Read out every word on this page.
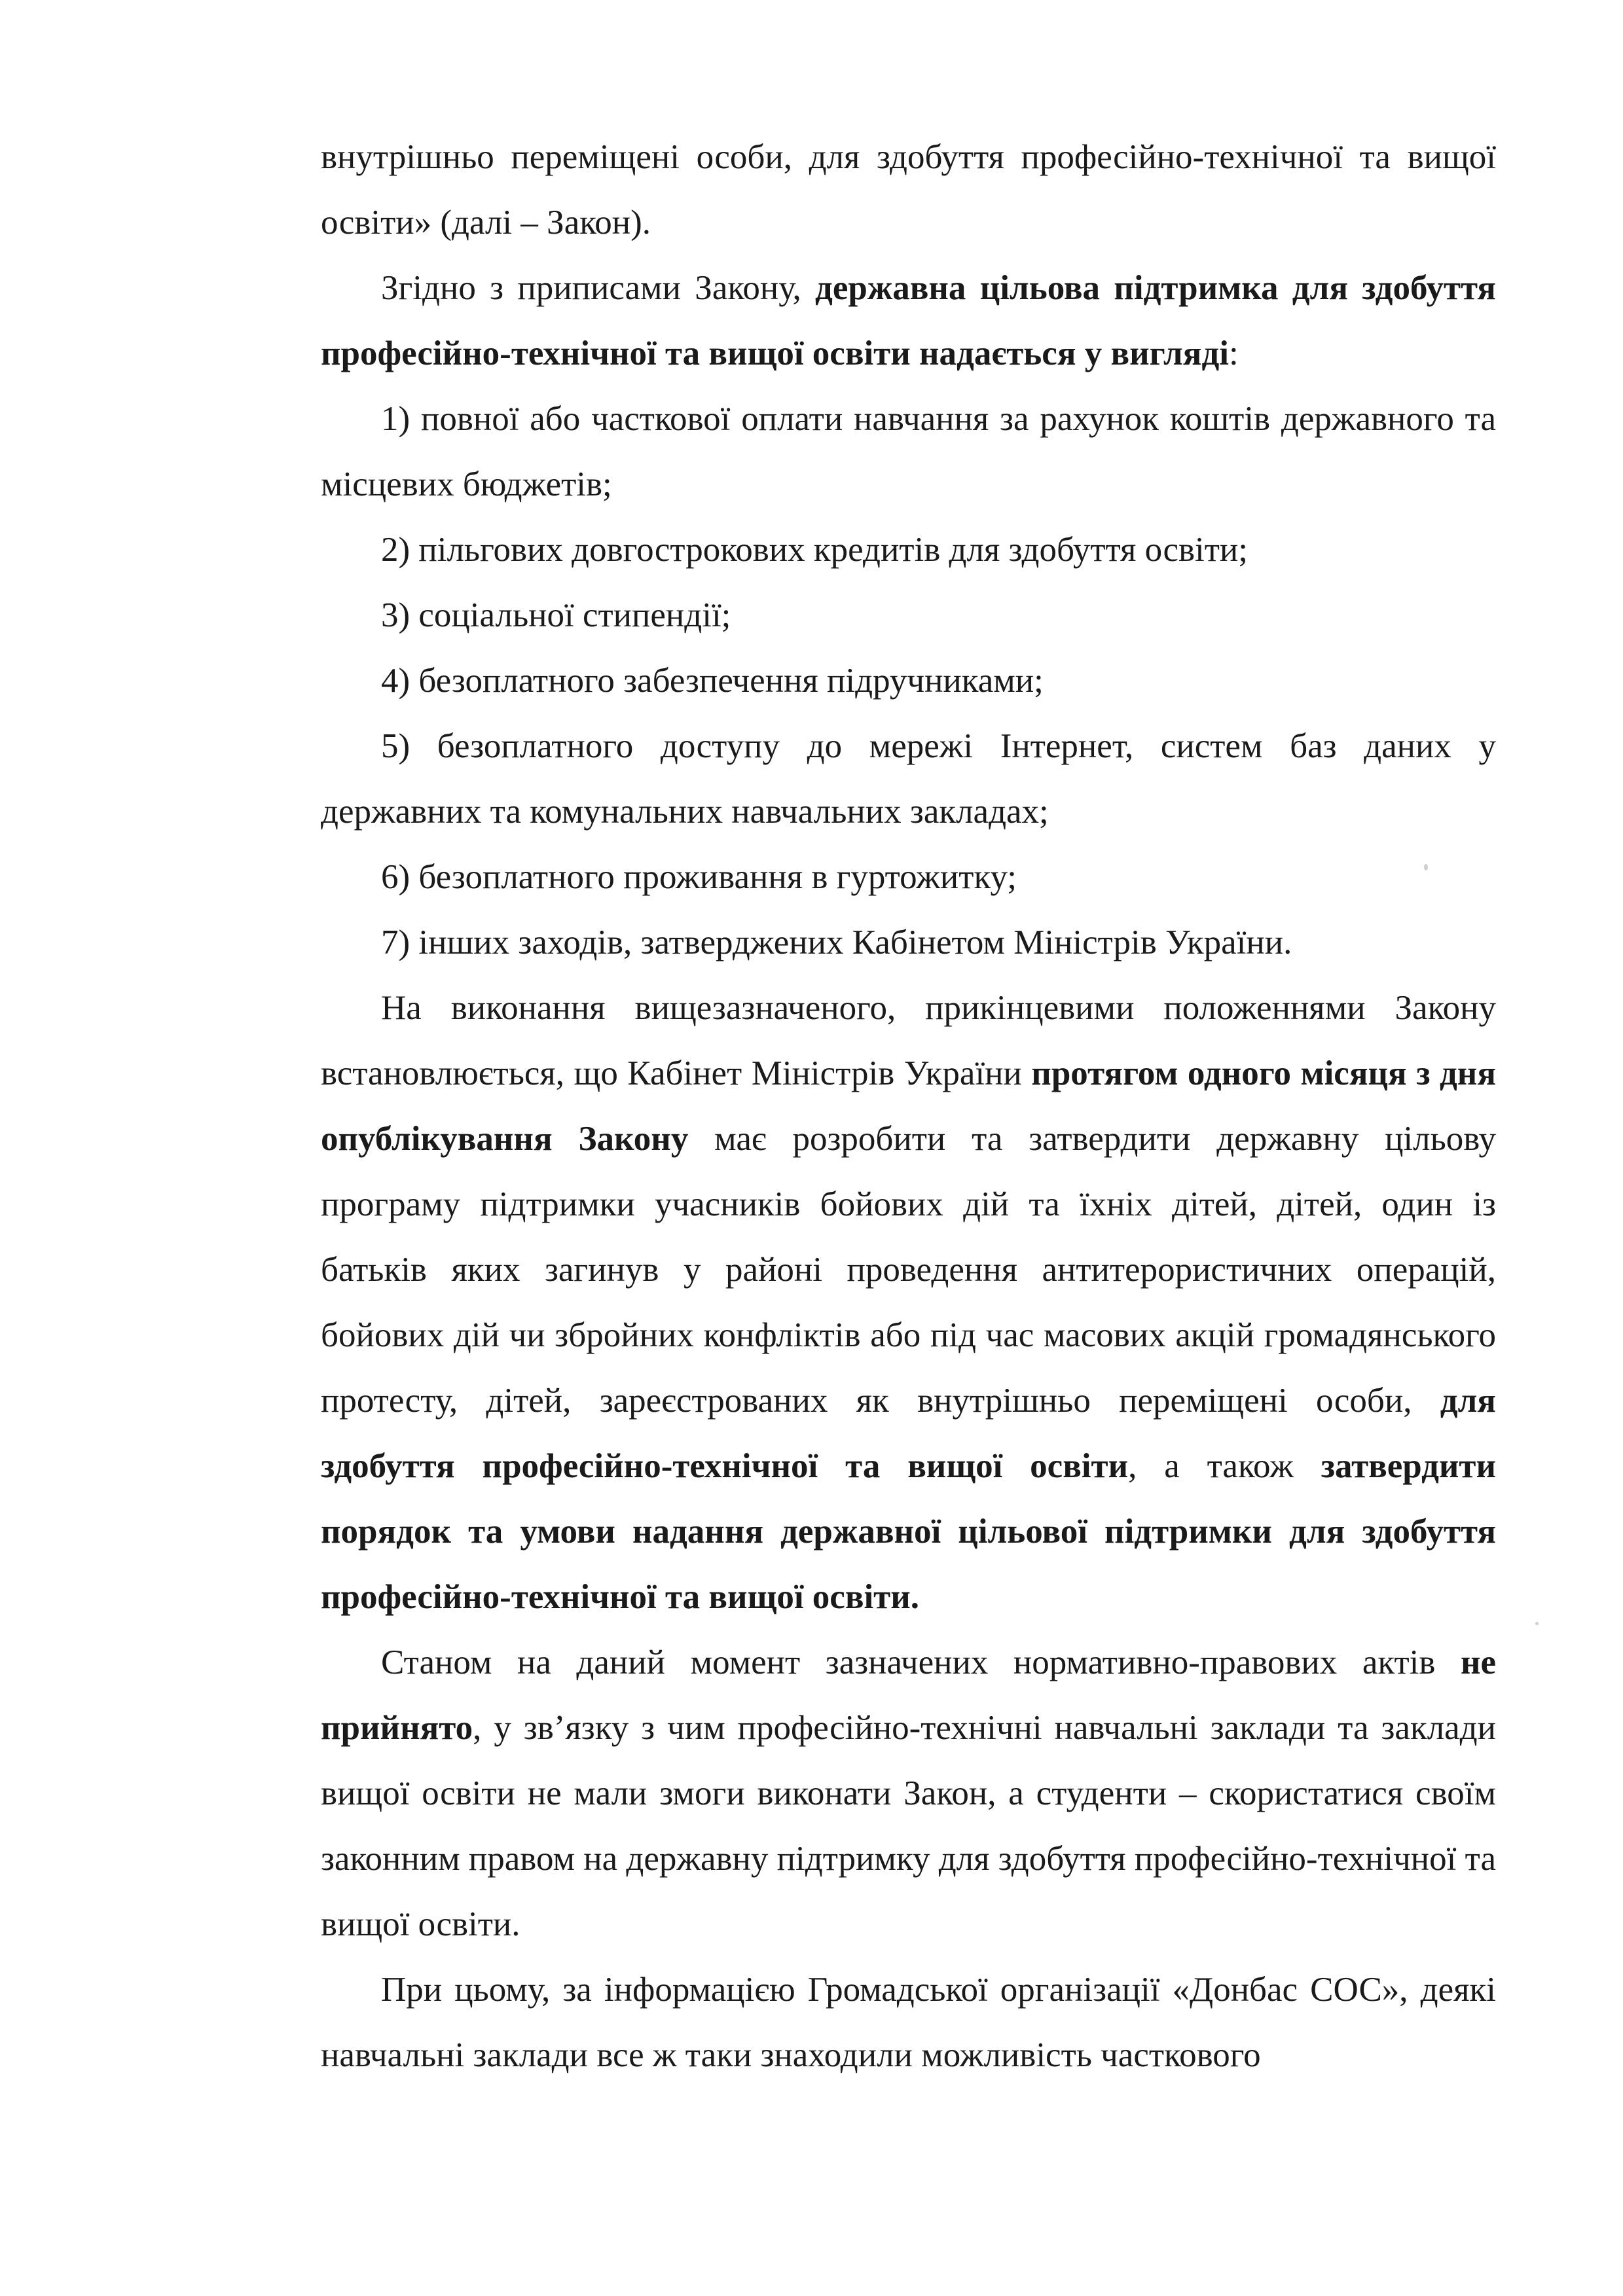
внутрішньо переміщені особи, для здобуття професійно-технічної та вищої освіти» (далі – Закон).

Згідно з приписами Закону, державна цільова підтримка для здобуття професійно-технічної та вищої освіти надається у вигляді:

1) повної або часткової оплати навчання за рахунок коштів державного та місцевих бюджетів;

2) пільгових довгострокових кредитів для здобуття освіти;

3) соціальної стипендії;

4) безоплатного забезпечення підручниками;

5) безоплатного доступу до мережі Інтернет, систем баз даних у державних та комунальних навчальних закладах;

6) безоплатного проживання в гуртожитку;

7) інших заходів, затверджених Кабінетом Міністрів України.

На виконання вищезазначеного, прикінцевими положеннями Закону встановлюється, що Кабінет Міністрів України протягом одного місяця з дня опублікування Закону має розробити та затвердити державну цільову програму підтримки учасників бойових дій та їхніх дітей, дітей, один із батьків яких загинув у районі проведення антитерористичних операцій, бойових дій чи збройних конфліктів або під час масових акцій громадянського протесту, дітей, зареєстрованих як внутрішньо переміщені особи, для здобуття професійно-технічної та вищої освіти, а також затвердити порядок та умови надання державної цільової підтримки для здобуття професійно-технічної та вищої освіти.

Станом на даний момент зазначених нормативно-правових актів не прийнято, у зв’язку з чим професійно-технічні навчальні заклади та заклади вищої освіти не мали змоги виконати Закон, а студенти – скористатися своїм законним правом на державну підтримку для здобуття професійно-технічної та вищої освіти.

При цьому, за інформацією Громадської організації «Донбас СОС», деякі навчальні заклади все ж таки знаходили можливість часткового
